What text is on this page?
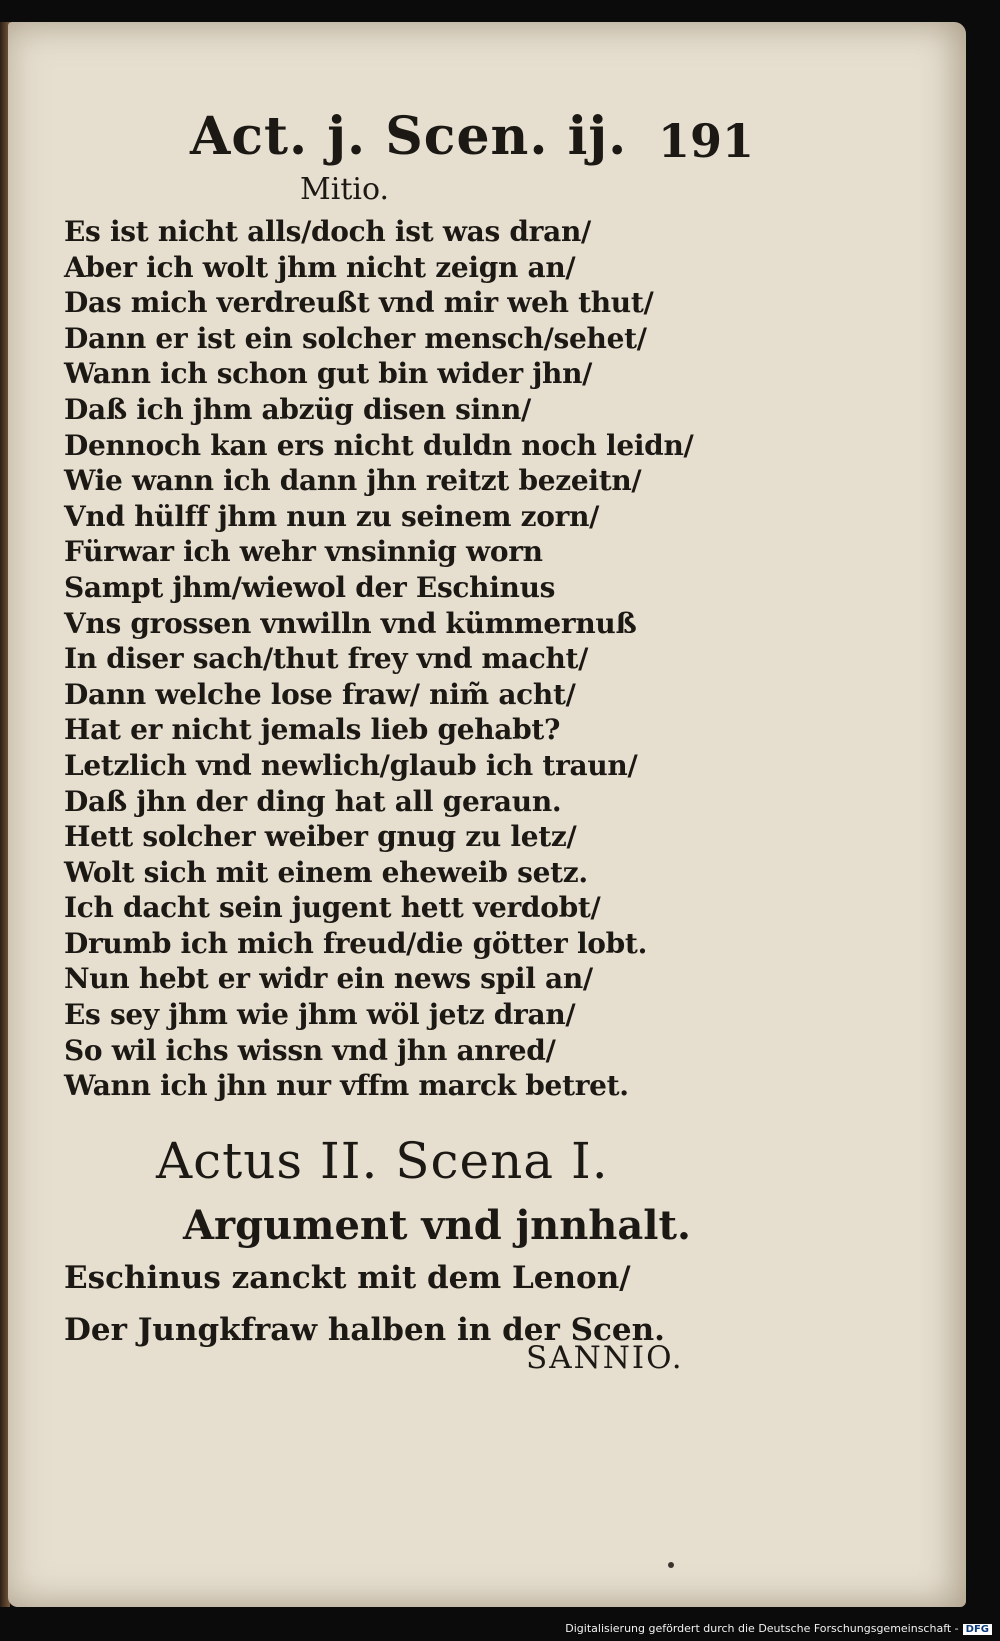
Act. j. Scen. ij. 191
Mitio.
Es ist nicht alls/doch ist was dran/
Aber ich wolt jhm nicht zeign an/
Das mich verdreußt vnd mir weh thut/
Dann er ist ein solcher mensch/sehet/
Wann ich schon gut bin wider jhn/
Daß ich jhm abzüg disen sinn/
Dennoch kan ers nicht duldn noch leidn/
Wie wann ich dann jhn reitzt bezeitn/
Vnd hülff jhm nun zu seinem zorn/
Fürwar ich wehr vnsinnig worn
Sampt jhm/wiewol der Eschinus
Vns grossen vnwilln vnd kümmernuß
In diser sach/thut frey vnd macht/
Dann welche lose fraw/ nim̃ acht/
Hat er nicht jemals lieb gehabt?
Letzlich vnd newlich/glaub ich traun/
Daß jhn der ding hat all geraun.
Hett solcher weiber gnug zu letz/
Wolt sich mit einem eheweib setz.
Ich dacht sein jugent hett verdobt/
Drumb ich mich freud/die götter lobt.
Nun hebt er widr ein news spil an/
Es sey jhm wie jhm wöl jetz dran/
So wil ichs wissn vnd jhn anred/
Wann ich jhn nur vffm marck betret.
Actus II. Scena I.
Argument vnd jnnhalt.
Eschinus zanckt mit dem Lenon/
Der Jungkfraw halben in der Scen.
SANNIO.
Digitalisierung gefördert durch die Deutsche Forschungsgemeinschaft - DFG
